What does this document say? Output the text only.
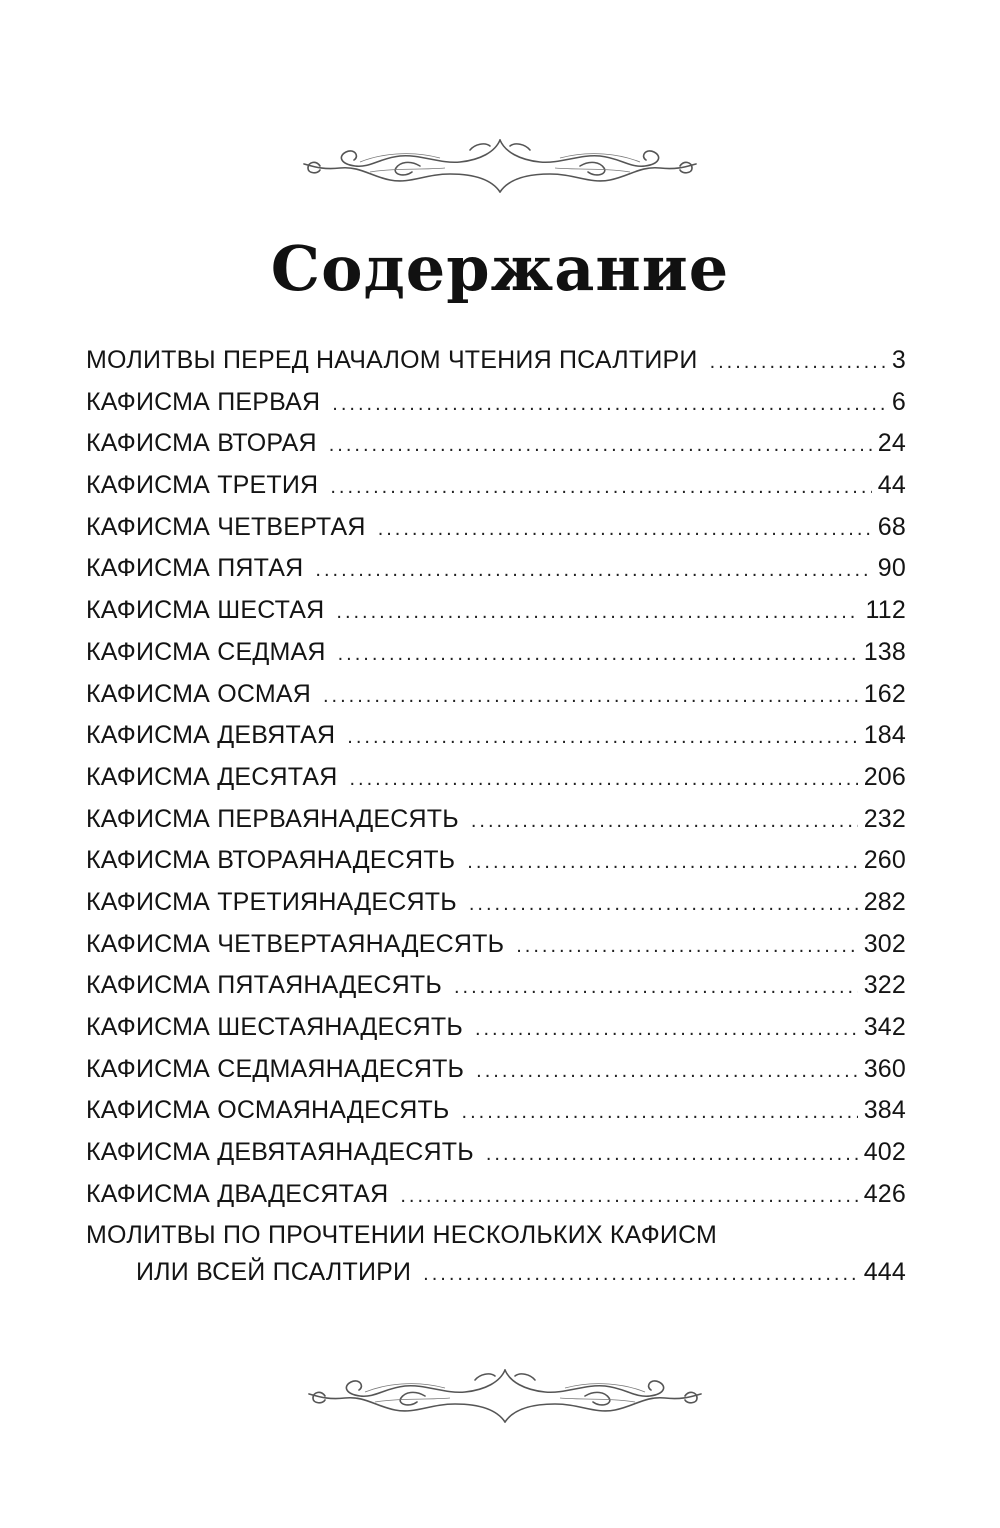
Содержание
МОЛИТВЫ ПЕРЕД НАЧАЛОМ ЧТЕНИЯ ПСАЛТИРИ .....	3
КАФИСМА ПЕРВАЯ .....	6
КАФИСМА ВТОРАЯ .....	24
КАФИСМА ТРЕТИЯ .....	44
КАФИСМА ЧЕТВЕРТАЯ .....	68
КАФИСМА ПЯТАЯ .....	90
КАФИСМА ШЕСТАЯ .....	112
КАФИСМА СЕДМАЯ .....	138
КАФИСМА ОСМАЯ .....	162
КАФИСМА ДЕВЯТАЯ .....	184
КАФИСМА ДЕСЯТАЯ .....	206
КАФИСМА ПЕРВАЯНАДЕСЯТЬ .....	232
КАФИСМА ВТОРАЯНАДЕСЯТЬ .....	260
КАФИСМА ТРЕТИЯНАДЕСЯТЬ .....	282
КАФИСМА ЧЕТВЕРТАЯНАДЕСЯТЬ .....	302
КАФИСМА ПЯТАЯНАДЕСЯТЬ .....	322
КАФИСМА ШЕСТАЯНАДЕСЯТЬ .....	342
КАФИСМА СЕДМАЯНАДЕСЯТЬ .....	360
КАФИСМА ОСМАЯНАДЕСЯТЬ .....	384
КАФИСМА ДЕВЯТАЯНАДЕСЯТЬ .....	402
КАФИСМА ДВАДЕСЯТАЯ .....	426
МОЛИТВЫ ПО ПРОЧТЕНИИ НЕСКОЛЬКИХ КАФИСМ
ИЛИ ВСЕЙ ПСАЛТИРИ .....	444
